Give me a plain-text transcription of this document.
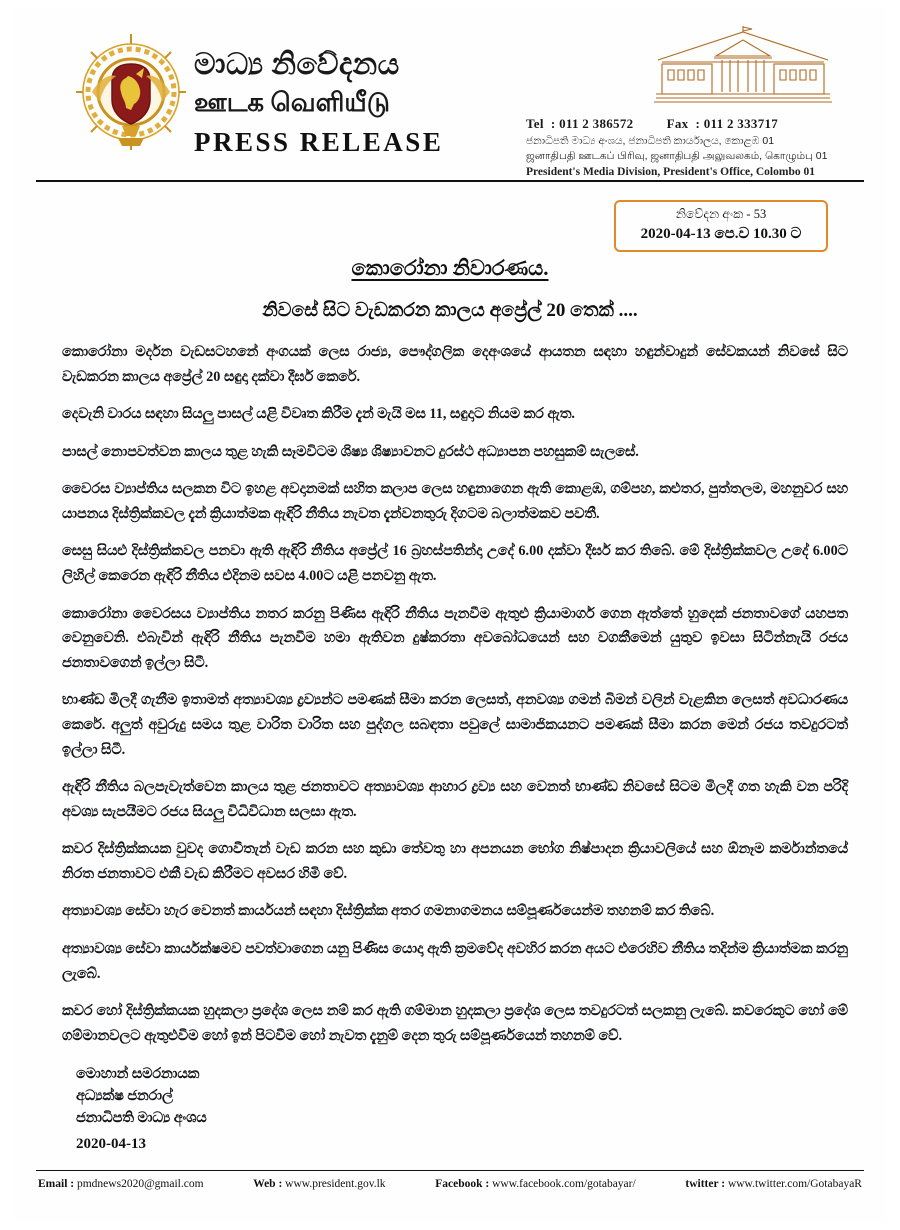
මාධ්‍ය නිවේදනය
ஊடக வெளியீடு
PRESS RELEASE
Tel  : 011 2 386572	Fax  : 011 2 333717
ජනාධිපති මාධ්‍ය අංශය, ජනාධිපති කාර්යාලය, කොළඹ 01
ஜனாதிபதி ஊடகப் பிரிவு, ஜனாதிபதி அலுவலகம், கொழும்பு 01
President's Media Division, President's Office, Colombo 01
නිවේදන අංක - 53
2020-04-13 පෙ.ව 10.30 ට
කොරෝනා නිවාරණය.
නිවසේ සිට වැඩකරන කාලය අප්‍රේල් 20 තෙක් ....

කොරෝනා මර්දන වැඩසටහනේ අංගයක් ලෙස රාජ්‍ය, පෞද්ගලික දෙඅංශයේ ආයතන සඳහා හඳුන්වාදුන් සේවකයන් නිවසේ සිට වැඩකරන කාලය අප්‍රේල් 20 සඳුදා දක්වා දීර්ඝ කෙරේ.

දෙවැනි වාරය සඳහා සියලු පාසල් යළි විවෘත කිරීම දැන් මැයි මස 11, සඳුදාට නියම කර ඇත.

පාසල් නොපවත්වන කාලය තුළ හැකි සෑමවිටම ශිෂ්‍ය ශිෂ්‍යාවනට දුරස්ථ අධ්‍යාපන පහසුකම් සැලසේ.

වෛරස ව්‍යාප්තිය සලකන විට ඉහළ අවදානමක් සහිත කලාප ලෙස හඳුනාගෙන ඇති කොළඹ, ගම්පහ, කළුතර, පුත්තලම, මහනුවර සහ යාපනය දිස්ත්‍රික්කවල දැන් ක්‍රියාත්මක ඇඳිරි නීතිය නැවත දැන්වනතුරු දිගටම බලාත්මකව පවතී.

සෙසු සියළු දිස්ත්‍රික්කවල පනවා ඇති ඇඳිරි නීතිය අප්‍රේල් 16 බ්‍රහස්පතින්දා උදේ 6.00 දක්වා දීර්ඝ කර තිබේ. මේ දිස්ත්‍රික්කවල උදේ 6.00ට ලිහිල් කෙරෙන ඇඳිරි නීතිය එදිනම සවස 4.00ට යළි පනවනු ඇත.

කොරෝනා වෛරසය ව්‍යාප්තිය නතර කරනු පිණිස ඇඳිරි නීතිය පැනවීම ඇතුළු ක්‍රියාමාර්ග ගෙන ඇත්තේ හුදෙක් ජනතාවගේ යහපත වෙනුවෙනි. එබැවින් ඇඳිරි නීතිය පැනවීම හමා ඇතිවන දුෂ්කරතා අවබෝධයෙන් සහ වගකීමෙන් යුතුව ඉවසා සිටින්නැයි රජය ජනතාවගෙන් ඉල්ලා සිටී.

භාණ්ඩ මිලදී ගැනීම ඉතාමත් අත්‍යාවශ්‍ය ද්‍රව්‍යන්ට පමණක් සීමා කරන ලෙසත්, අනවශ්‍ය ගමන් බිමන් වලින් වැළකින ලෙසත් අවධාරණය කෙරේ. අලුත් අවුරුදු සමය තුළ වාරිත වාරිත සහ පුද්ගල සබඳතා පවුලේ සාමාජිකයනට පමණක් සීමා කරන මෙන් රජය තවදුරටත් ඉල්ලා සිටී.

ඇඳිරි නීතිය බලපැවැත්වෙන කාලය තුළ ජනතාවට අත්‍යාවශ්‍ය ආහාර ද්‍රව්‍ය සහ වෙනත් භාණ්ඩ නිවසේ සිටම මිලදී ගත හැකි වන පරිදි අවශ්‍ය සැපයීමට රජය සියලු විධිවිධාන සලසා ඇත.

කවර දිස්ත්‍රික්කයක වුවද ගොවීතැන් වැඩ කරන සහ කුඩා තේවතු හා අපනයන භෝග නිෂ්පාදන ක්‍රියාවලියේ සහ ඕනෑම කර්මාන්තයේ නිරත ජනතාවට එකී වැඩ කිරීමට අවසර හිමි වේ.

අත්‍යාවශ්‍ය සේවා හැර වෙනත් කාර්යයන් සඳහා දිස්ත්‍රික්ක අතර ගමනාගමනය සම්පූර්ණයෙන්ම තහනම් කර තිබේ.

අත්‍යාවශ්‍ය සේවා කාර්යක්ෂමව පවත්වාගෙන යනු පිණිස යොදා ඇති ක්‍රමවේද අවහිර කරන අයට එරෙහිව නීතිය තදින්ම ක්‍රියාත්මක කරනු ලැබේ.

කවර හෝ දිස්ත්‍රික්කයක හුදකලා ප්‍රදේශ ලෙස නම් කර ඇති ගම්මාන හුදකලා ප්‍රදේශ ලෙස තවදුරටත් සලකනු ලැබේ. කවරෙකුට හෝ මේ ගම්මානවලට ඇතුළුවීම හෝ ඉන් පිටවීම හෝ නැවත දැනුම් දෙන තුරු සම්පූර්ණයෙන් තහනම් වේ.

මොහාන් සමරනායක
අධ්‍යක්ෂ ජනරාල්
ජනාධිපති මාධ්‍ය අංශය
2020-04-13
Email : pmdnews2020@gmail.com	Web : www.president.gov.lk	Facebook : www.facebook.com/gotabayar/	twitter : www.twitter.com/GotabayaR
